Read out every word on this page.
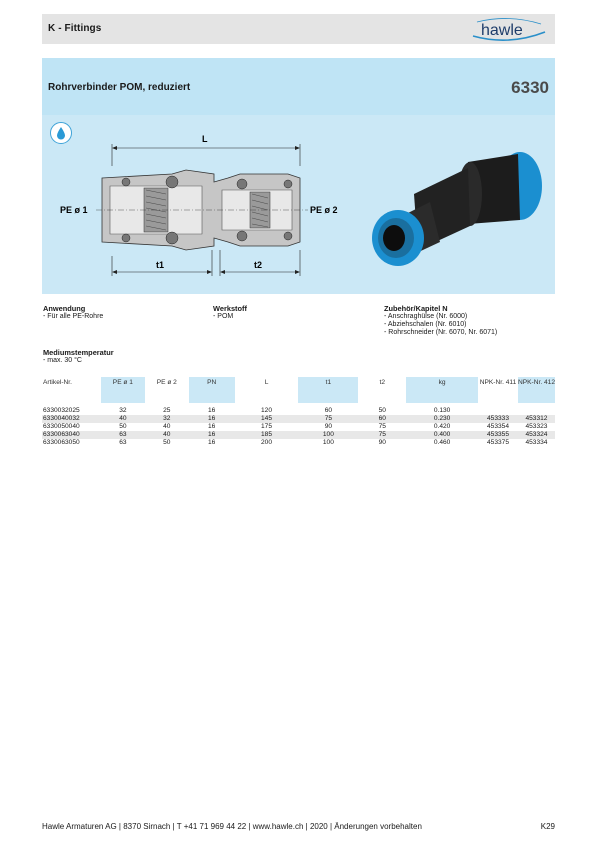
K - Fittings	hawle
Rohrverbinder POM, reduziert	6330
L
PE ø 1	PE ø 2
t1	t2
Anwendung
- Für alle PE-Rohre
Werkstoff
- POM
Zubehör/Kapitel N
- Anschraghülse (Nr. 6000)
- Abziehschalen (Nr. 6010)
- Rohrschneider (Nr. 6070, Nr. 6071)
Mediumstemperatur
- max. 30 °C
Artikel-Nr.	PE ø 1	PE ø 2	PN	L	t1	t2	kg	NPK-Nr. 411	NPK-Nr. 412

6330032025	32	25	16	120	60	50	0.130		
6330040032	40	32	16	145	75	60	0.230	453333	453312
6330050040	50	40	16	175	90	75	0.420	453354	453323
6330063040	63	40	16	185	100	75	0.400	453355	453324
6330063050	63	50	16	200	100	90	0.460	453375	453334
Hawle Armaturen AG | 8370 Sirnach | T +41 71 969 44 22 | www.hawle.ch | 2020 | Änderungen vorbehalten	K29
